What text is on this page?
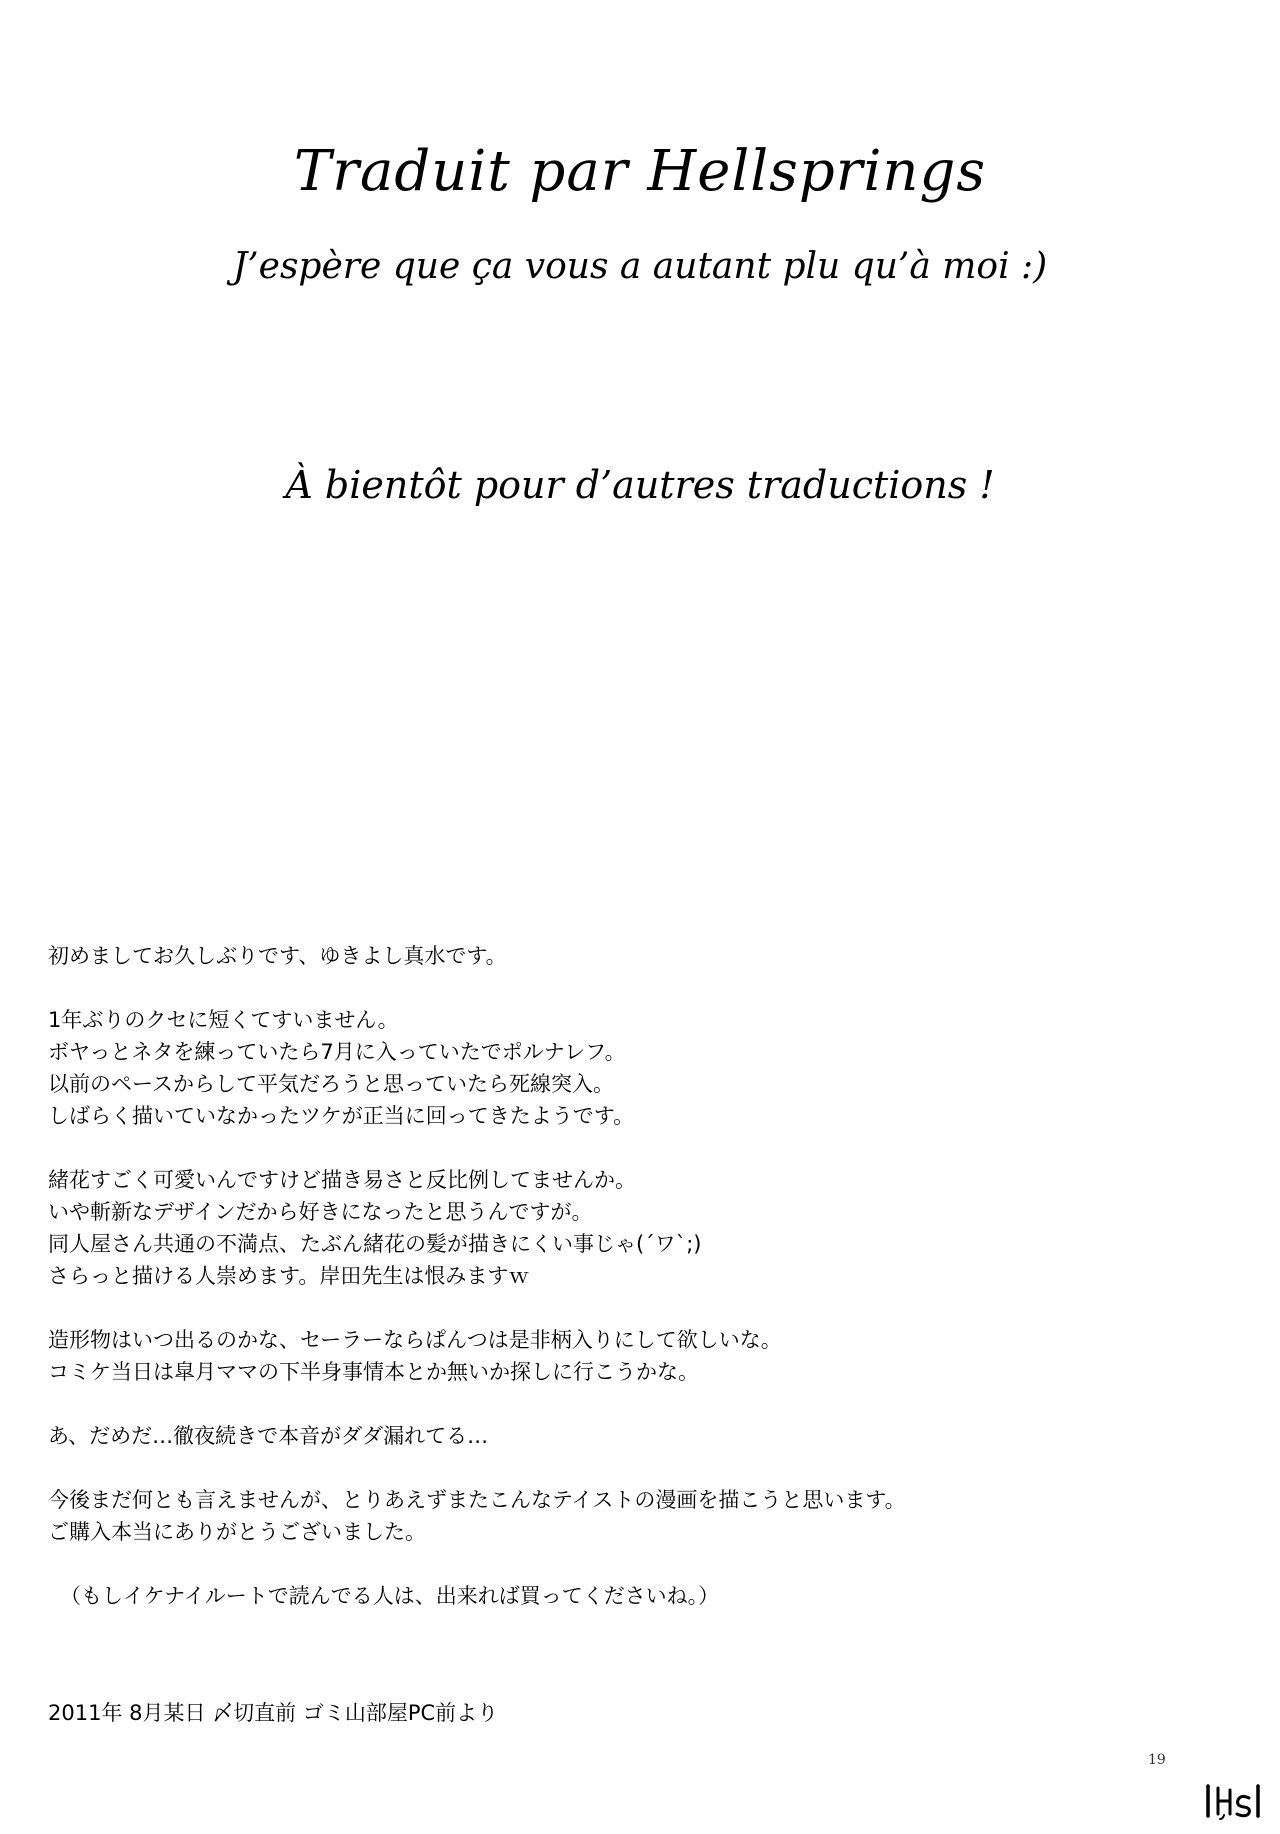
Traduit par Hellsprings
J’espère que ça vous a autant plu qu’à moi :)
À bientôt pour d’autres traductions !
初めましてお久しぶりです、ゆきよし真水です。
1年ぶりのクセに短くてすいません。
ボヤっとネタを練っていたら7月に入っていたでポルナレフ。
以前のペースからして平気だろうと思っていたら死線突入。
しばらく描いていなかったツケが正当に回ってきたようです。
緒花すごく可愛いんですけど描き易さと反比例してませんか。
いや斬新なデザインだから好きになったと思うんですが。
同人屋さん共通の不満点、たぶん緒花の髪が描きにくい事じゃ(´ワ`;)
さらっと描ける人崇めます。岸田先生は恨みますｗ
造形物はいつ出るのかな、セーラーならぱんつは是非柄入りにして欲しいな。
コミケ当日は皐月ママの下半身事情本とか無いか探しに行こうかな。
あ、だめだ…徹夜続きで本音がダダ漏れてる…
今後まだ何とも言えませんが、とりあえずまたこんなテイストの漫画を描こうと思います。
ご購入本当にありがとうございました。
（もしイケナイルートで読んでる人は、出来れば買ってくださいね。）
2011年 8月某日 〆切直前 ゴミ山部屋PC前より
19
